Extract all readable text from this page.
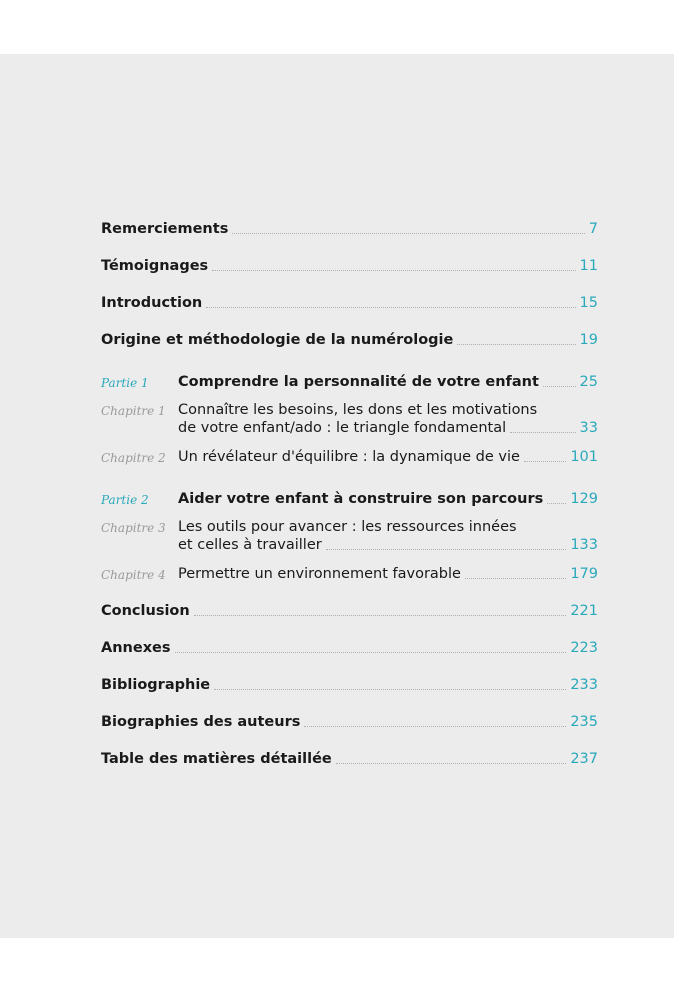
Remerciements	7
Témoignages	11
Introduction	15
Origine et méthodologie de la numérologie	19
Partie 1	Comprendre la personnalité de votre enfant	25
Chapitre 1 Connaître les besoins, les dons et les motivations
de votre enfant/ado : le triangle fondamental	33
Chapitre 2 Un révélateur d'équilibre : la dynamique de vie	101
Partie 2	Aider votre enfant à construire son parcours 129
Chapitre 3 Les outils pour avancer : les ressources innées
et celles à travailler	133
Chapitre 4 Permettre un environnement favorable	179
Conclusion	221
Annexes	223
Bibliographie	233
Biographies des auteurs	235
Table des matières détaillée	237
